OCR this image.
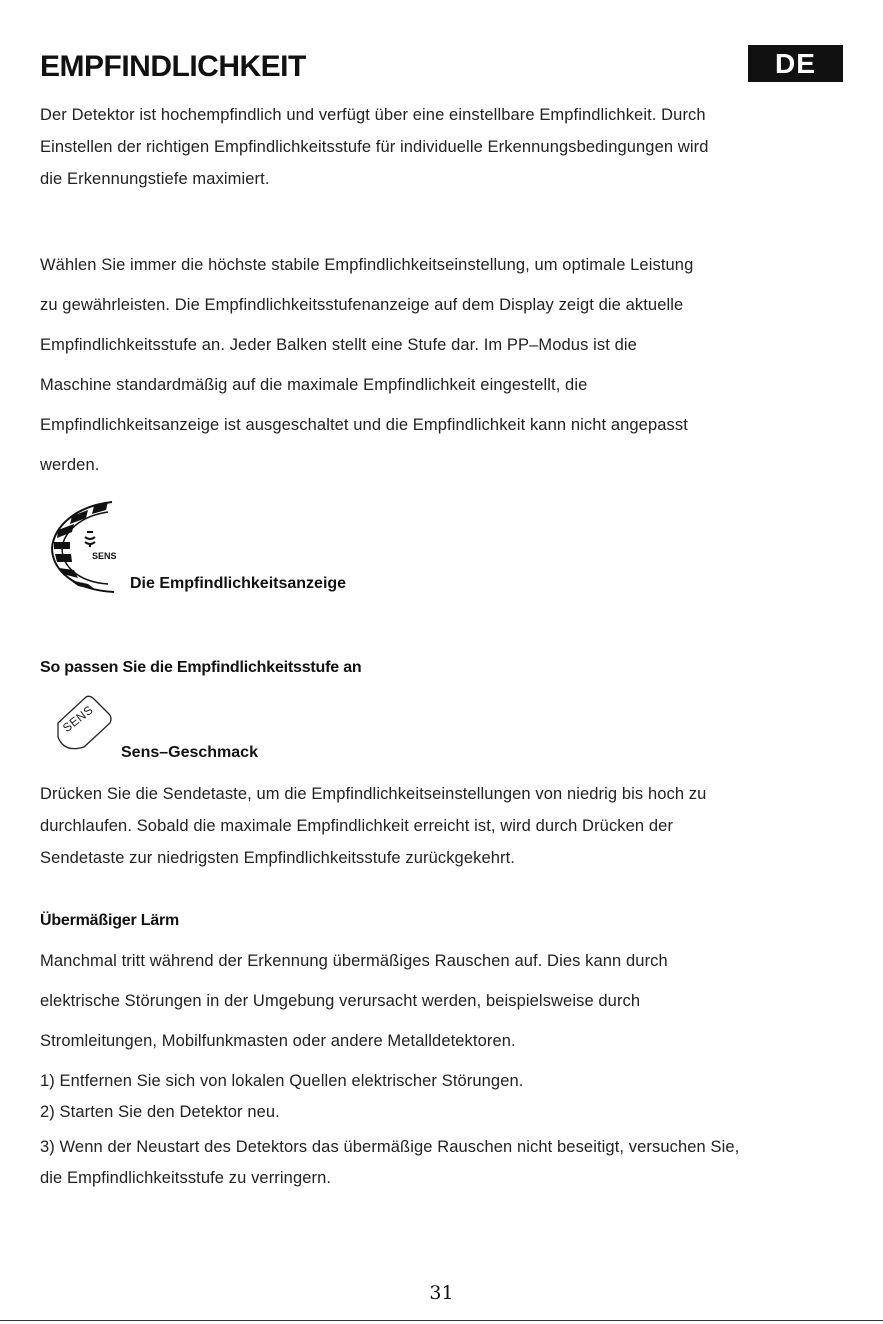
EMPFINDLICHKEIT	DE
Der Detektor ist hochempfindlich und verfügt über eine einstellbare Empfindlichkeit. Durch
Einstellen der richtigen Empfindlichkeitsstufe für individuelle Erkennungsbedingungen wird
die Erkennungstiefe maximiert.
Wählen Sie immer die höchste stabile Empfindlichkeitseinstellung, um optimale Leistung
zu gewährleisten. Die Empfindlichkeitsstufenanzeige auf dem Display zeigt die aktuelle
Empfindlichkeitsstufe an. Jeder Balken stellt eine Stufe dar. Im PP–Modus ist die
Maschine standardmäßig auf die maximale Empfindlichkeit eingestellt, die
Empfindlichkeitsanzeige ist ausgeschaltet und die Empfindlichkeit kann nicht angepasst
werden.
SENS
Die Empfindlichkeitsanzeige
So passen Sie die Empfindlichkeitsstufe an
SENS
Sens–Geschmack
Drücken Sie die Sendetaste, um die Empfindlichkeitseinstellungen von niedrig bis hoch zu
durchlaufen. Sobald die maximale Empfindlichkeit erreicht ist, wird durch Drücken der
Sendetaste zur niedrigsten Empfindlichkeitsstufe zurückgekehrt.
Übermäßiger Lärm
Manchmal tritt während der Erkennung übermäßiges Rauschen auf. Dies kann durch
elektrische Störungen in der Umgebung verursacht werden, beispielsweise durch
Stromleitungen, Mobilfunkmasten oder andere Metalldetektoren.
1) Entfernen Sie sich von lokalen Quellen elektrischer Störungen.
2) Starten Sie den Detektor neu.
3) Wenn der Neustart des Detektors das übermäßige Rauschen nicht beseitigt, versuchen Sie,
die Empfindlichkeitsstufe zu verringern.
31
